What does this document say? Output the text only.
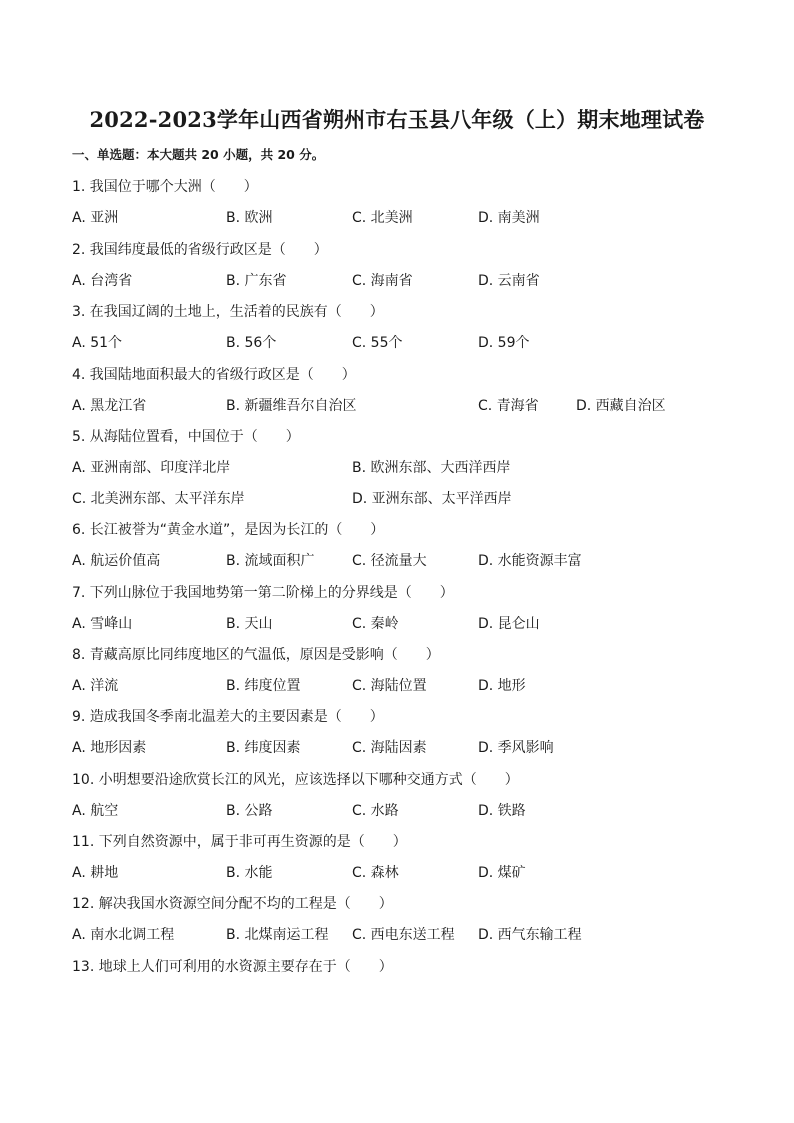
2022-2023学年山西省朔州市右玉县八年级（上）期末地理试卷
一、单选题：本大题共 20 小题，共 20 分。
1. 我国位于哪个大洲（　　）
A. 亚洲	B. 欧洲	C. 北美洲	D. 南美洲
2. 我国纬度最低的省级行政区是（　　）
A. 台湾省	B. 广东省	C. 海南省	D. 云南省
3. 在我国辽阔的土地上，生活着的民族有（　　）
A. 51个	B. 56个	C. 55个	D. 59个
4. 我国陆地面积最大的省级行政区是（　　）
A. 黑龙江省	B. 新疆维吾尔自治区	C. 青海省	D. 西藏自治区
5. 从海陆位置看，中国位于（　　）
A. 亚洲南部、印度洋北岸	B. 欧洲东部、大西洋西岸
C. 北美洲东部、太平洋东岸	D. 亚洲东部、太平洋西岸
6. 长江被誉为“黄金水道”，是因为长江的（　　）
A. 航运价值高	B. 流域面积广	C. 径流量大	D. 水能资源丰富
7. 下列山脉位于我国地势第一第二阶梯上的分界线是（　　）
A. 雪峰山	B. 天山	C. 秦岭	D. 昆仑山
8. 青藏高原比同纬度地区的气温低，原因是受影响（　　）
A. 洋流	B. 纬度位置	C. 海陆位置	D. 地形
9. 造成我国冬季南北温差大的主要因素是（　　）
A. 地形因素	B. 纬度因素	C. 海陆因素	D. 季风影响
10. 小明想要沿途欣赏长江的风光，应该选择以下哪种交通方式（　　）
A. 航空	B. 公路	C. 水路	D. 铁路
11. 下列自然资源中，属于非可再生资源的是（　　）
A. 耕地	B. 水能	C. 森林	D. 煤矿
12. 解决我国水资源空间分配不均的工程是（　　）
A. 南水北调工程	B. 北煤南运工程 C. 西电东送工程 D. 西气东输工程
13. 地球上人们可利用的水资源主要存在于（　　）
